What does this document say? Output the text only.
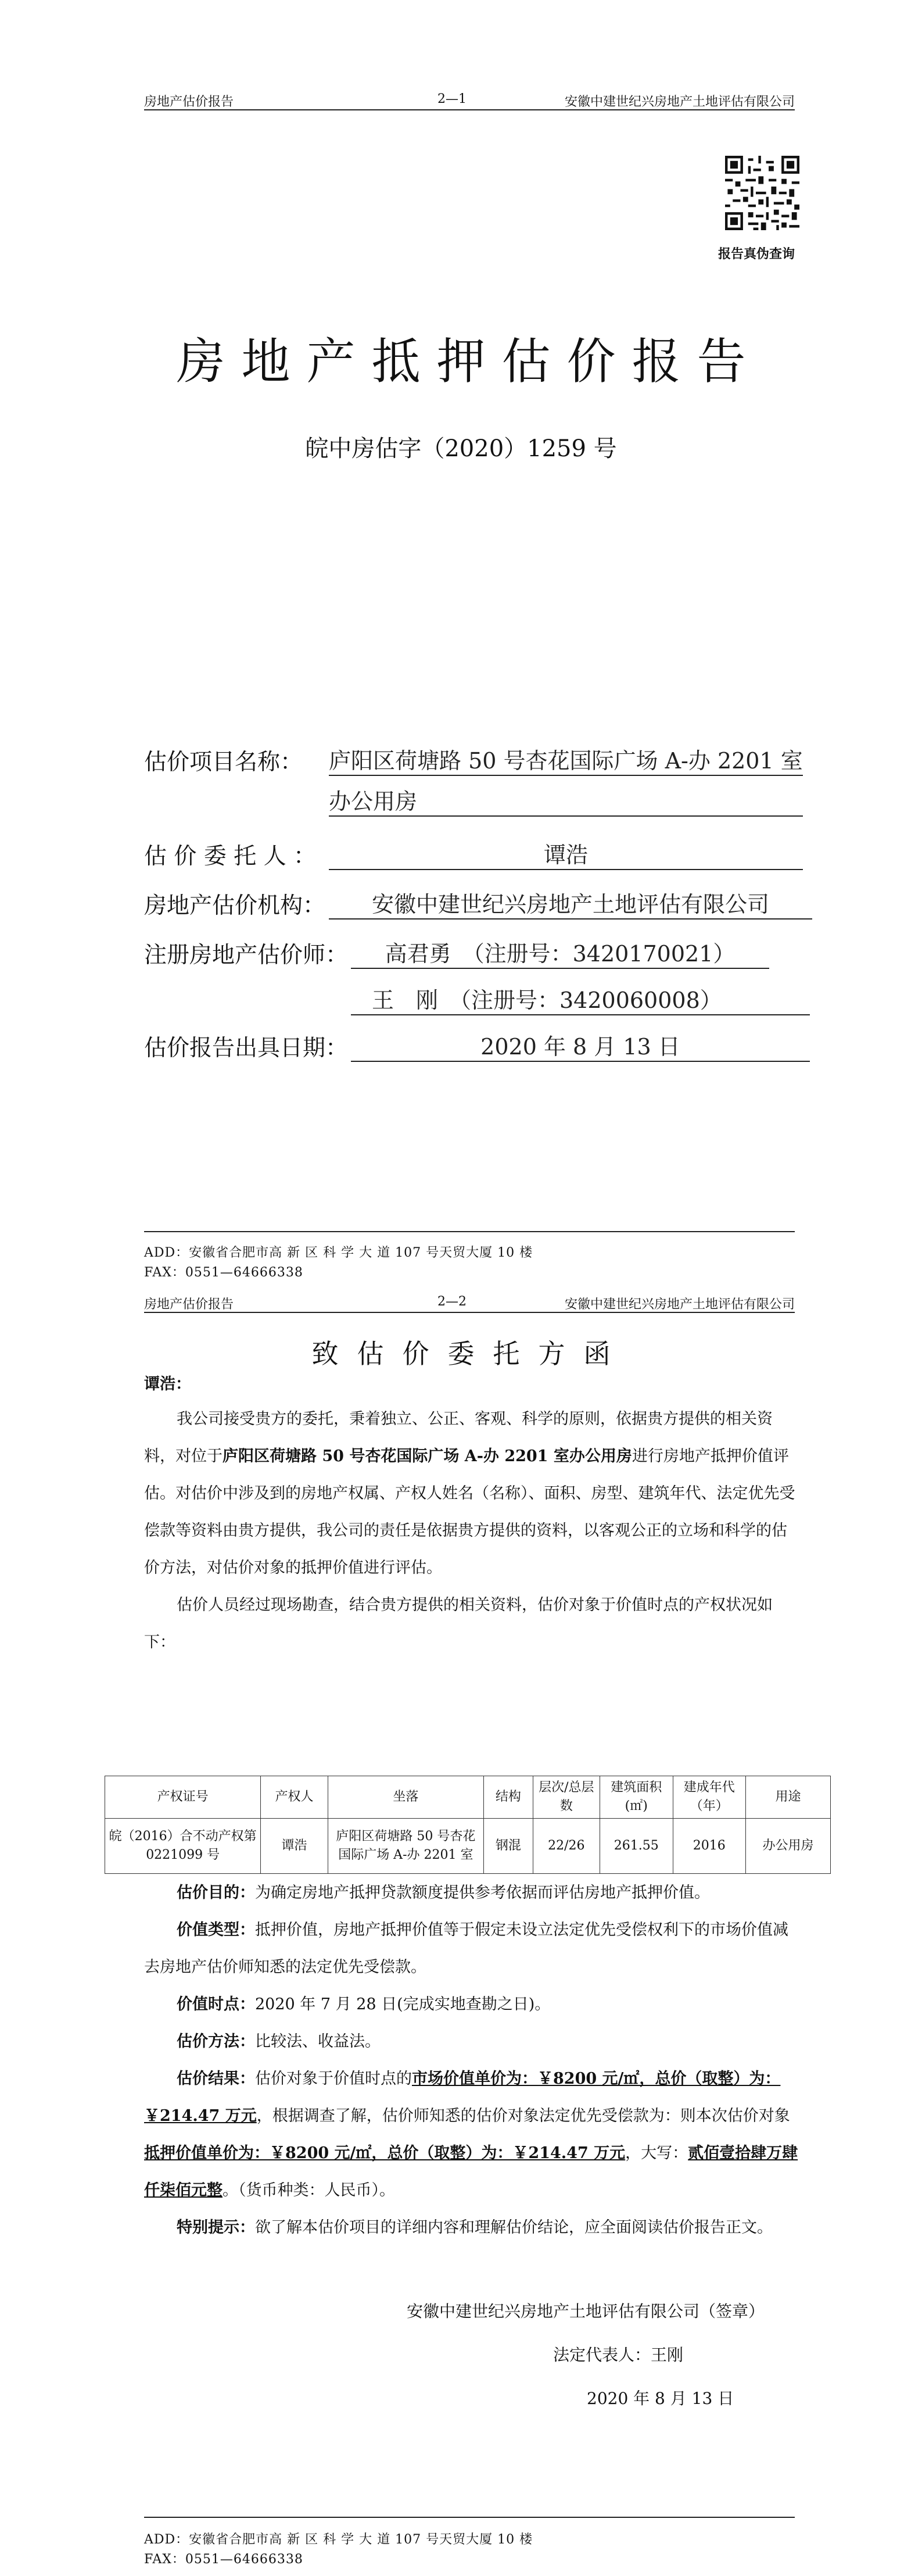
房地产估价报告	2—1	安徽中建世纪兴房地产土地评估有限公司
报告真伪查询
房地产抵押估价报告
皖中房估字（2020）1259 号
估价项目名称： 庐阳区荷塘路 50 号杏花国际广场 A-办 2201 室
办公用房
估 价 委 托 人 ：	谭浩
房地产估价机构：	安徽中建世纪兴房地产土地评估有限公司
注册房地产估价师：	高君勇　（注册号：3420170021）
王　刚　（注册号：3420060008）
估价报告出具日期：	2020 年 8 月 13 日
ADD：安徽省合肥市高 新 区 科 学 大 道 107 号天贸大厦 10 楼
FAX：0551—64666338
房地产估价报告	2—2	安徽中建世纪兴房地产土地评估有限公司
致估价委托方函
谭浩：
我公司接受贵方的委托，秉着独立、公正、客观、科学的原则，依据贵方提供的相关资料，对位于庐阳区荷塘路 50 号杏花国际广场 A-办 2201 室办公用房进行房地产抵押价值评估。对估价中涉及到的房地产权属、产权人姓名（名称）、面积、房型、建筑年代、法定优先受偿款等资料由贵方提供，我公司的责任是依据贵方提供的资料，以客观公正的立场和科学的估价方法，对估价对象的抵押价值进行评估。
估价人员经过现场勘查，结合贵方提供的相关资料，估价对象于价值时点的产权状况如下：
产权证号	产权人	坐落	结构	层次/总层数	建筑面积(㎡)	建成年代（年）	用途
皖（2016）合不动产权第 0221099 号	谭浩	庐阳区荷塘路 50 号杏花国际广场 A-办 2201 室	钢混	22/26	261.55	2016	办公用房
估价目的：为确定房地产抵押贷款额度提供参考依据而评估房地产抵押价值。
价值类型：抵押价值，房地产抵押价值等于假定未设立法定优先受偿权利下的市场价值减去房地产估价师知悉的法定优先受偿款。
价值时点：2020 年 7 月 28 日(完成实地查勘之日)。
估价方法：比较法、收益法。
估价结果：估价对象于价值时点的市场价值单价为：￥8200 元/㎡，总价（取整）为：￥214.47 万元，根据调查了解，估价师知悉的估价对象法定优先受偿款为：则本次估价对象抵押价值单价为：￥8200 元/㎡，总价（取整）为：￥214.47 万元，大写：贰佰壹拾肆万肆仟柒佰元整。（货币种类：人民币）。
特别提示：欲了解本估价项目的详细内容和理解估价结论，应全面阅读估价报告正文。
安徽中建世纪兴房地产土地评估有限公司（签章）
法定代表人：王刚
2020 年 8 月 13 日
ADD：安徽省合肥市高 新 区 科 学 大 道 107 号天贸大厦 10 楼
FAX：0551—64666338
